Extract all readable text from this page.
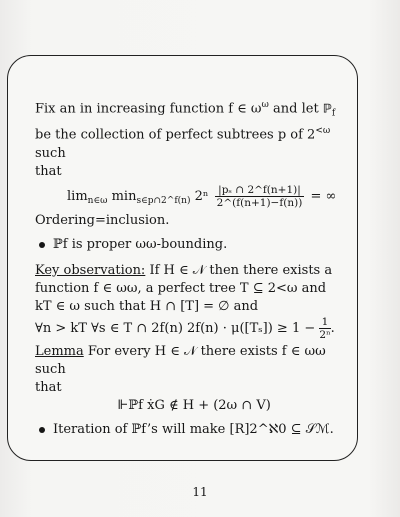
Fix an in increasing function f ∈ $\omega^\omega$ and let ℙ$_f$

be the collection of perfect subtrees p of $2^{<\omega}$ such

that

$\lim_{n\in\omega} \min_{s\in p\cap 2\^{}f(n)} 2^n \frac{\text{|pₛ ∩ 2\textasciicircum{}f(n+1)|}}{2\^{}(f(n+1)-f(n))}$ = ∞

Ordering=inclusion.

ℙf is proper ωω-bounding.

Key observation: If H ∈ 𝒩 then there exists a

function f ∈ ωω, a perfect tree T ⊆ 2<ω and

kT ∈ ω such that H ∩ [T] = ∅ and

∀n > kT ∀s ∈ T ∩ 2f(n) $2f(n) \cdot \mu([T_s]) \ge 1 - \frac{1}{\text{2ⁿ}}$ .

Lemma For every H ∈ 𝒩 there exists f ∈ ωω such

that

⊩ℙf ẋG ∉ H + (2ω ∩ V)

Iteration of ℙf’s will make [R]2^ℵ0 ⊆ 𝒮ℳ.
11
